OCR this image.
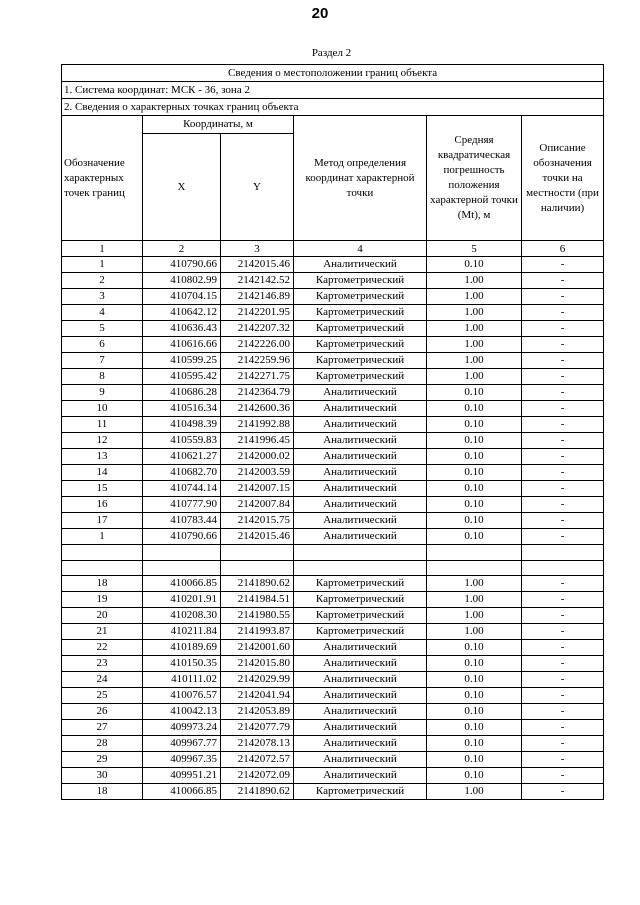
20
Раздел 2
Сведения о местоположении границ объекта					
1. Система координат: МСК - 36, зона 2					
2. Сведения о характерных точках границ объекта					
Обозначение характерных точек границ	Координаты, м		Метод определения координат характерной точки	Средняя квадратическая погрешность положения характерной точки (Mt), м	Описание обозначения точки на местности (при наличии)
	X	Y			
1	2	3	4	5	6
1	410790.66	2142015.46	Аналитический	0.10	-
2	410802.99	2142142.52	Картометрический	1.00	-
3	410704.15	2142146.89	Картометрический	1.00	-
4	410642.12	2142201.95	Картометрический	1.00	-
5	410636.43	2142207.32	Картометрический	1.00	-
6	410616.66	2142226.00	Картометрический	1.00	-
7	410599.25	2142259.96	Картометрический	1.00	-
8	410595.42	2142271.75	Картометрический	1.00	-
9	410686.28	2142364.79	Аналитический	0.10	-
10	410516.34	2142600.36	Аналитический	0.10	-
11	410498.39	2141992.88	Аналитический	0.10	-
12	410559.83	2141996.45	Аналитический	0.10	-
13	410621.27	2142000.02	Аналитический	0.10	-
14	410682.70	2142003.59	Аналитический	0.10	-
15	410744.14	2142007.15	Аналитический	0.10	-
16	410777.90	2142007.84	Аналитический	0.10	-
17	410783.44	2142015.75	Аналитический	0.10	-
1	410790.66	2142015.46	Аналитический	0.10	-

18	410066.85	2141890.62	Картометрический	1.00	-
19	410201.91	2141984.51	Картометрический	1.00	-
20	410208.30	2141980.55	Картометрический	1.00	-
21	410211.84	2141993.87	Картометрический	1.00	-
22	410189.69	2142001.60	Аналитический	0.10	-
23	410150.35	2142015.80	Аналитический	0.10	-
24	410111.02	2142029.99	Аналитический	0.10	-
25	410076.57	2142041.94	Аналитический	0.10	-
26	410042.13	2142053.89	Аналитический	0.10	-
27	409973.24	2142077.79	Аналитический	0.10	-
28	409967.77	2142078.13	Аналитический	0.10	-
29	409967.35	2142072.57	Аналитический	0.10	-
30	409951.21	2142072.09	Аналитический	0.10	-
18	410066.85	2141890.62	Картометрический	1.00	-
